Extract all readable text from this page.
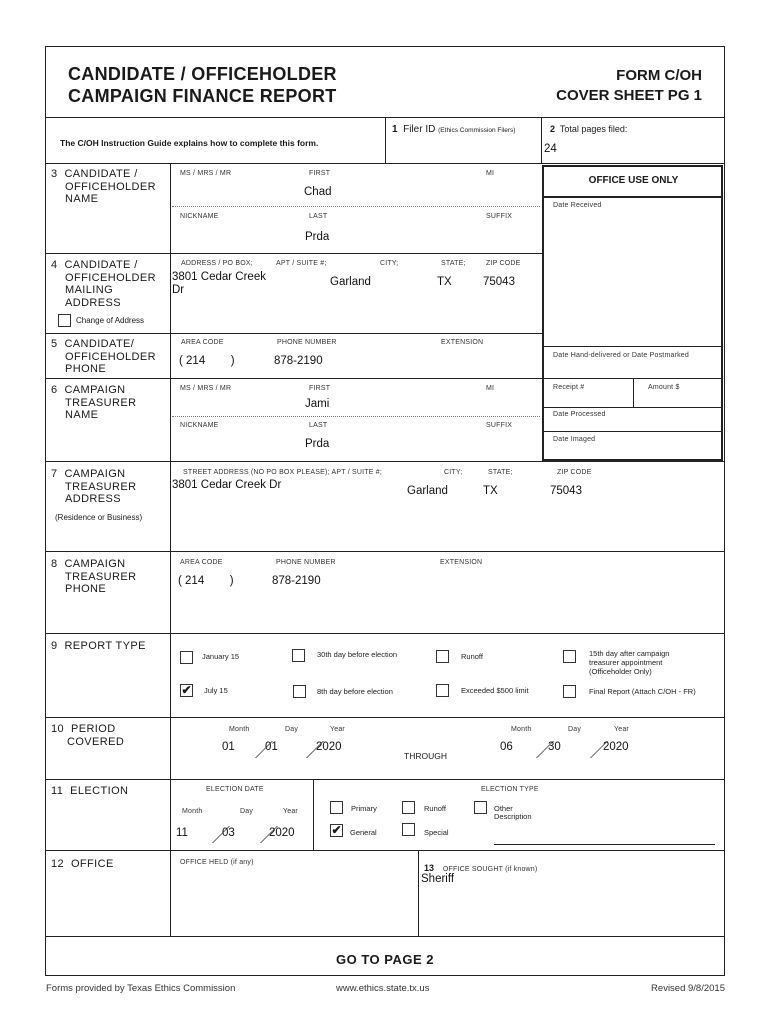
CANDIDATE / OFFICEHOLDER
CAMPAIGN FINANCE REPORT
FORM C/OH
COVER SHEET PG 1
The C/OH Instruction Guide explains how to complete this form.
1 Filer ID (Ethics Commission Filers)	2 Total pages filed:
24
OFFICE USE ONLY
Date Received
Date Hand-delivered or Date Postmarked
Receipt #	Amount $
Date Processed
Date Imaged
3 CANDIDATE /
OFFICEHOLDER
NAME
MS / MRS / MR	FIRST	MI
Chad
NICKNAME	LAST	SUFFIX
Prda
4 CANDIDATE /
OFFICEHOLDER
MAILING
ADDRESS
Change of Address
ADDRESS / PO BOX;	APT / SUITE #;	CITY;	STATE;	ZIP CODE
3801 Cedar Creek
Dr
Garland	TX	75043
5 CANDIDATE/
OFFICEHOLDER
PHONE
AREA CODE	PHONE NUMBER	EXTENSION
( 214        )	878-2190
6 CAMPAIGN
TREASURER
NAME
MS / MRS / MR	FIRST	MI
Jami
NICKNAME	LAST	SUFFIX
Prda
7 CAMPAIGN
TREASURER
ADDRESS
(Residence or Business)
STREET ADDRESS (NO PO BOX PLEASE); APT / SUITE #;	CITY;	STATE;	ZIP CODE
3801 Cedar Creek Dr	Garland	TX	75043
8 CAMPAIGN
TREASURER
PHONE
AREA CODE	PHONE NUMBER	EXTENSION
( 214        )	878-2190
9 REPORT TYPE
January 15	30th day before election	Runoff	15th day after campaign
treasurer appointment
(Officeholder Only)
✔ July 15	8th day before election	Exceeded $500 limit	Final Report (Attach C/OH - FR)
10 PERIOD
COVERED
Month	Day	Year
01	01	2020
THROUGH
Month	Day	Year
06	30	2020
11 ELECTION	ELECTION DATE
Month	Day	Year
11	03	2020
ELECTION TYPE
Primary	Runoff	Other
Description
✔ General	Special
12 OFFICE	OFFICE HELD (if any)
13 OFFICE SOUGHT (if known)
Sheriff
GO TO PAGE 2
Forms provided by Texas Ethics Commission	www.ethics.state.tx.us	Revised 9/8/2015
